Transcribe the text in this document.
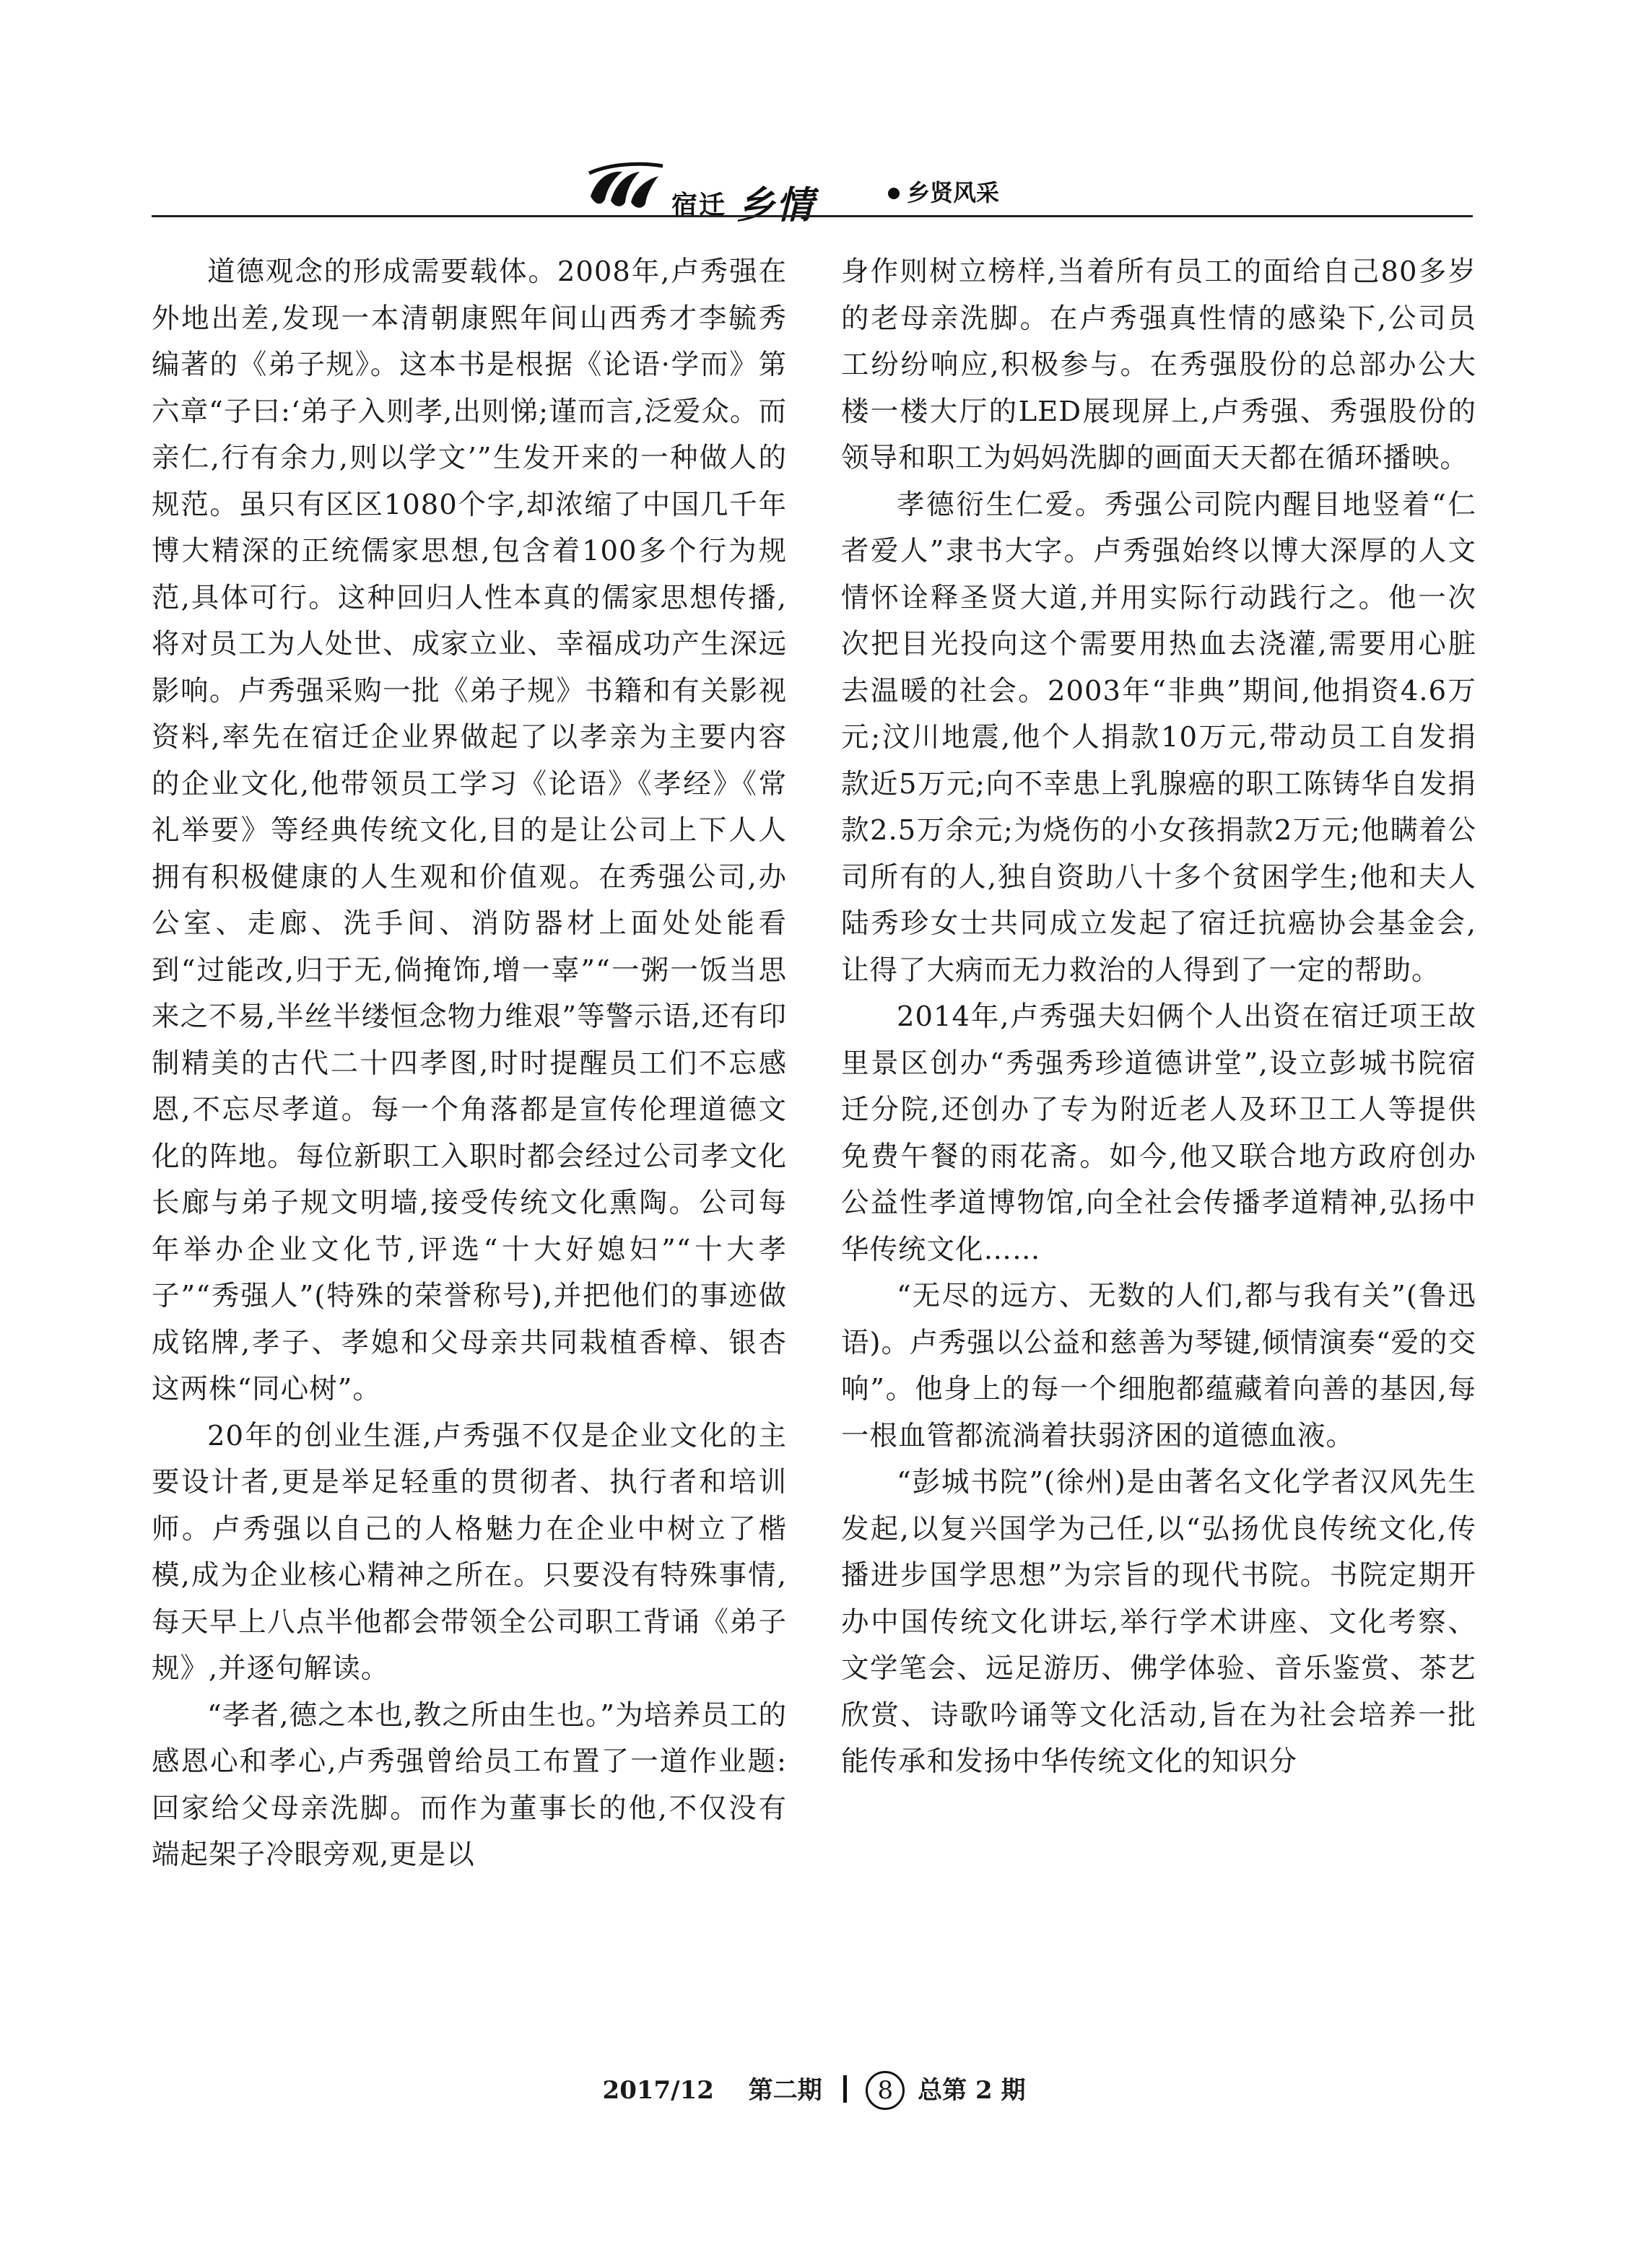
宿迁 乡情	乡贤风采

道德观念的形成需要载体。2008年,卢秀强在外地出差,发现一本清朝康熙年间山西秀才李毓秀编著的《弟子规》。这本书是根据《论语·学而》第六章“子曰:‘弟子入则孝,出则悌;谨而言,泛爱众。而亲仁,行有余力,则以学文’”生发开来的一种做人的规范。虽只有区区1080个字,却浓缩了中国几千年博大精深的正统儒家思想,包含着100多个行为规范,具体可行。这种回归人性本真的儒家思想传播,将对员工为人处世、成家立业、幸福成功产生深远影响。卢秀强采购一批《弟子规》书籍和有关影视资料,率先在宿迁企业界做起了以孝亲为主要内容的企业文化,他带领员工学习《论语》《孝经》《常礼举要》等经典传统文化,目的是让公司上下人人拥有积极健康的人生观和价值观。在秀强公司,办公室、走廊、洗手间、消防器材上面处处能看到“过能改,归于无,倘掩饰,增一辜”“一粥一饭当思来之不易,半丝半缕恒念物力维艰”等警示语,还有印制精美的古代二十四孝图,时时提醒员工们不忘感恩,不忘尽孝道。每一个角落都是宣传伦理道德文化的阵地。每位新职工入职时都会经过公司孝文化长廊与弟子规文明墙,接受传统文化熏陶。公司每年举办企业文化节,评选“十大好媳妇”“十大孝子”“秀强人”(特殊的荣誉称号),并把他们的事迹做成铭牌,孝子、孝媳和父母亲共同栽植香樟、银杏这两株“同心树”。

20年的创业生涯,卢秀强不仅是企业文化的主要设计者,更是举足轻重的贯彻者、执行者和培训师。卢秀强以自己的人格魅力在企业中树立了楷模,成为企业核心精神之所在。只要没有特殊事情,每天早上八点半他都会带领全公司职工背诵《弟子规》,并逐句解读。

“孝者,德之本也,教之所由生也。”为培养员工的感恩心和孝心,卢秀强曾给员工布置了一道作业题:回家给父母亲洗脚。而作为董事长的他,不仅没有端起架子冷眼旁观,更是以

身作则树立榜样,当着所有员工的面给自己80多岁的老母亲洗脚。在卢秀强真性情的感染下,公司员工纷纷响应,积极参与。在秀强股份的总部办公大楼一楼大厅的LED展现屏上,卢秀强、秀强股份的领导和职工为妈妈洗脚的画面天天都在循环播映。

孝德衍生仁爱。秀强公司院内醒目地竖着“仁者爱人”隶书大字。卢秀强始终以博大深厚的人文情怀诠释圣贤大道,并用实际行动践行之。他一次次把目光投向这个需要用热血去浇灌,需要用心脏去温暖的社会。2003年“非典”期间,他捐资4.6万元;汶川地震,他个人捐款10万元,带动员工自发捐款近5万元;向不幸患上乳腺癌的职工陈铸华自发捐款2.5万余元;为烧伤的小女孩捐款2万元;他瞒着公司所有的人,独自资助八十多个贫困学生;他和夫人陆秀珍女士共同成立发起了宿迁抗癌协会基金会,让得了大病而无力救治的人得到了一定的帮助。

2014年,卢秀强夫妇俩个人出资在宿迁项王故里景区创办“秀强秀珍道德讲堂”,设立彭城书院宿迁分院,还创办了专为附近老人及环卫工人等提供免费午餐的雨花斋。如今,他又联合地方政府创办公益性孝道博物馆,向全社会传播孝道精神,弘扬中华传统文化……

“无尽的远方、无数的人们,都与我有关”(鲁迅语)。卢秀强以公益和慈善为琴键,倾情演奏“爱的交响”。他身上的每一个细胞都蕴藏着向善的基因,每一根血管都流淌着扶弱济困的道德血液。

“彭城书院”(徐州)是由著名文化学者汉风先生发起,以复兴国学为己任,以“弘扬优良传统文化,传播进步国学思想”为宗旨的现代书院。书院定期开办中国传统文化讲坛,举行学术讲座、文化考察、文学笔会、远足游历、佛学体验、音乐鉴赏、茶艺欣赏、诗歌吟诵等文化活动,旨在为社会培养一批能传承和发扬中华传统文化的知识分

2017/12 第二期 8 总第 2 期
